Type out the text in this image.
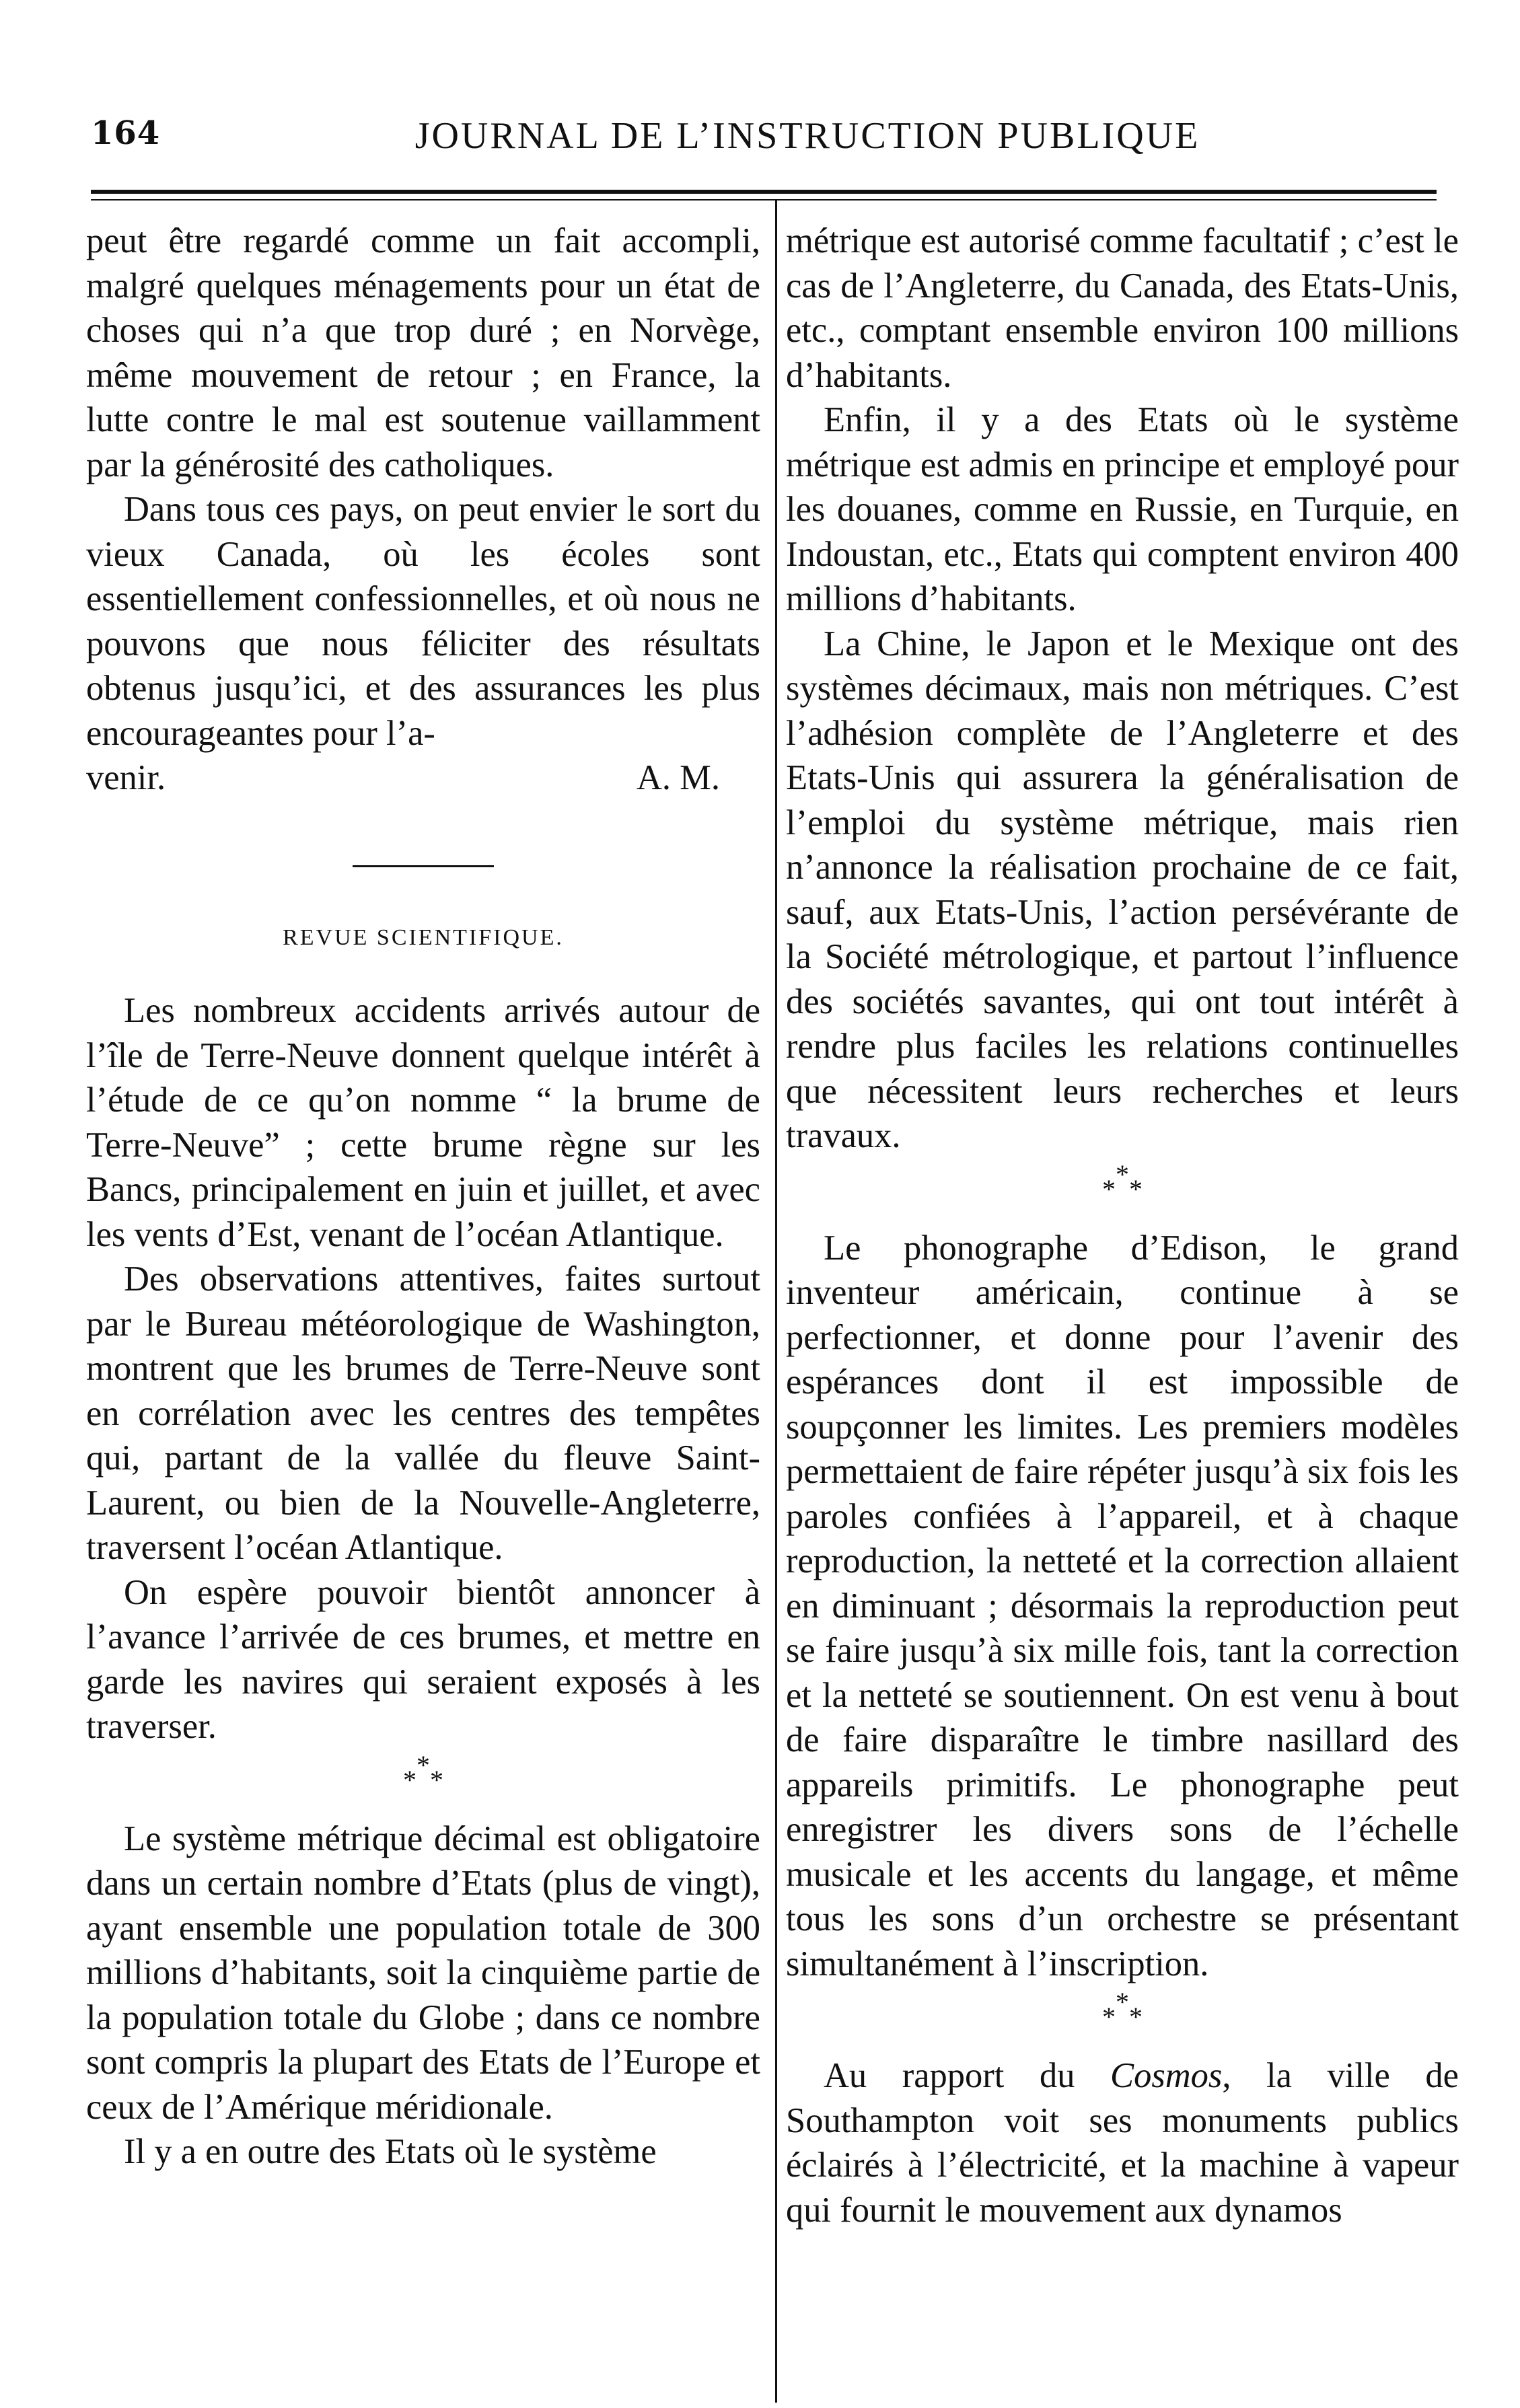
164	JOURNAL DE L’INSTRUCTION PUBLIQUE

peut être regardé comme un fait accompli, malgré quelques ménagements pour un état de choses qui n’a que trop duré ; en Norvège, même mouvement de retour ; en France, la lutte contre le mal est soutenue vaillamment par la générosité des catholiques.

Dans tous ces pays, on peut envier le sort du vieux Canada, où les écoles sont essentiellement confessionnelles, et où nous ne pouvons que nous féliciter des résultats obtenus jusqu’ici, et des assurances les plus encourageantes pour l’a-

venir.	A. M.
REVUE SCIENTIFIQUE.

Les nombreux accidents arrivés autour de l’île de Terre-Neuve donnent quelque intérêt à l’étude de ce qu’on nomme “ la brume de Terre-Neuve” ; cette brume règne sur les Bancs, principalement en juin et juillet, et avec les vents d’Est, venant de l’océan Atlantique.

Des observations attentives, faites surtout par le Bureau météorologique de Washington, montrent que les brumes de Terre-Neuve sont en corrélation avec les centres des tempêtes qui, partant de la vallée du fleuve Saint-Laurent, ou bien de la Nouvelle-Angleterre, traversent l’océan Atlantique.

On espère pouvoir bientôt annoncer à l’avance l’arrivée de ces brumes, et mettre en garde les navires qui seraient exposés à les traverser.

***

Le système métrique décimal est obligatoire dans un certain nombre d’Etats (plus de vingt), ayant ensemble une population totale de 300 millions d’habitants, soit la cinquième partie de la population totale du Globe ; dans ce nombre sont compris la plupart des Etats de l’Europe et ceux de l’Amérique méridionale.

Il y a en outre des Etats où le système

métrique est autorisé comme facultatif ; c’est le cas de l’Angleterre, du Canada, des Etats-Unis, etc., comptant ensemble environ 100 millions d’habitants.

Enfin, il y a des Etats où le système métrique est admis en principe et employé pour les douanes, comme en Russie, en Turquie, en Indoustan, etc., Etats qui comptent environ 400 millions d’habitants.

La Chine, le Japon et le Mexique ont des systèmes décimaux, mais non métriques. C’est l’adhésion complète de l’Angleterre et des Etats-Unis qui assurera la généralisation de l’emploi du système métrique, mais rien n’annonce la réalisation prochaine de ce fait, sauf, aux Etats-Unis, l’action persévérante de la Société métrologique, et partout l’influence des sociétés savantes, qui ont tout intérêt à rendre plus faciles les relations continuelles que nécessitent leurs recherches et leurs travaux.

***

Le phonographe d’Edison, le grand inventeur américain, continue à se perfectionner, et donne pour l’avenir des espérances dont il est impossible de soupçonner les limites. Les premiers modèles permettaient de faire répéter jusqu’à six fois les paroles confiées à l’appareil, et à chaque reproduction, la netteté et la correction allaient en diminuant ; désormais la reproduction peut se faire jusqu’à six mille fois, tant la correction et la netteté se soutiennent. On est venu à bout de faire disparaître le timbre nasillard des appareils primitifs. Le phonographe peut enregistrer les divers sons de l’échelle musicale et les accents du langage, et même tous les sons d’un orchestre se présentant simultanément à l’inscription.

***

Au rapport du Cosmos, la ville de Southampton voit ses monuments publics éclairés à l’électricité, et la machine à vapeur qui fournit le mouvement aux dynamos
